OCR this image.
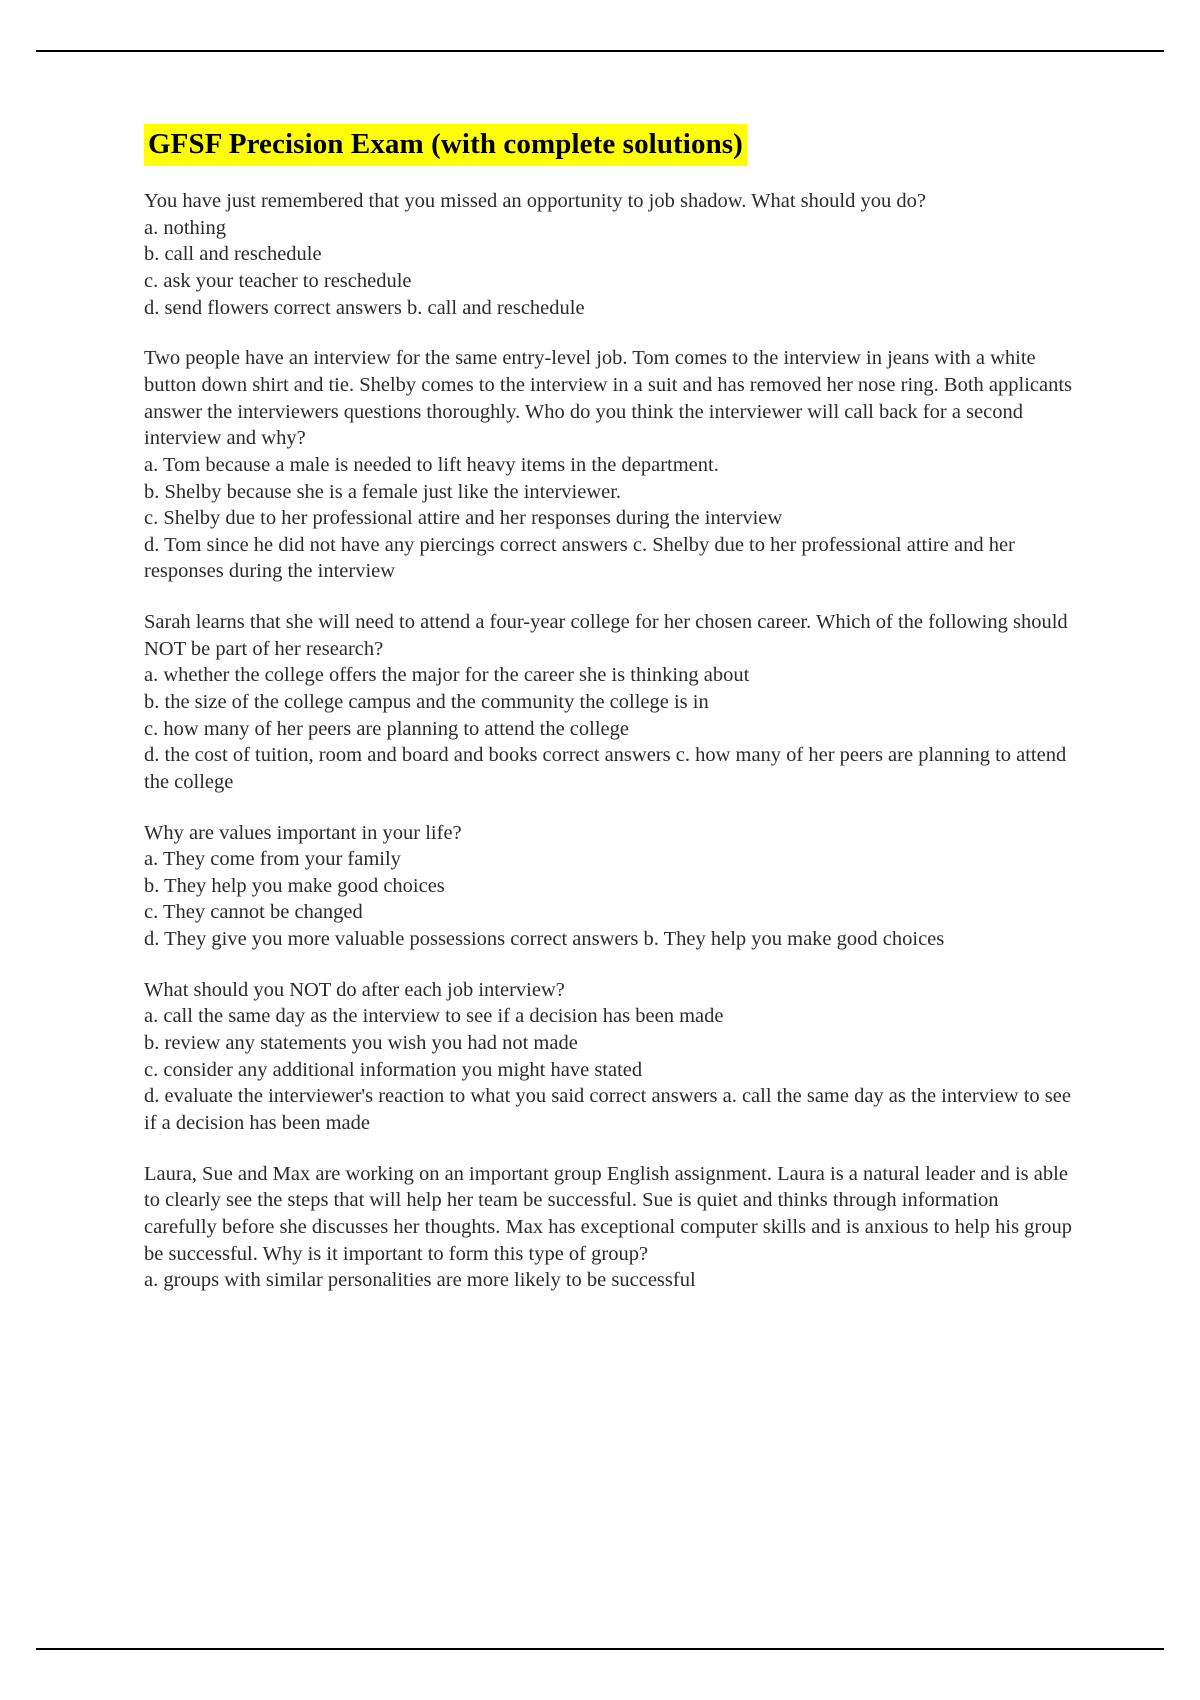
GFSF Precision Exam (with complete solutions)

You have just remembered that you missed an opportunity to job shadow. What should you do?

a. nothing

b. call and reschedule

c. ask your teacher to reschedule

d. send flowers correct answers b. call and reschedule

Two people have an interview for the same entry-level job. Tom comes to the interview in jeans with a white button down shirt and tie. Shelby comes to the interview in a suit and has removed her nose ring. Both applicants answer the interviewers questions thoroughly. Who do you think the interviewer will call back for a second interview and why?

a. Tom because a male is needed to lift heavy items in the department.

b. Shelby because she is a female just like the interviewer.

c. Shelby due to her professional attire and her responses during the interview

d. Tom since he did not have any piercings correct answers c. Shelby due to her professional attire and her responses during the interview

Sarah learns that she will need to attend a four-year college for her chosen career. Which of the following should NOT be part of her research?

a. whether the college offers the major for the career she is thinking about

b. the size of the college campus and the community the college is in

c. how many of her peers are planning to attend the college

d. the cost of tuition, room and board and books correct answers c. how many of her peers are planning to attend the college

Why are values important in your life?

a. They come from your family

b. They help you make good choices

c. They cannot be changed

d. They give you more valuable possessions correct answers b. They help you make good choices

What should you NOT do after each job interview?

a. call the same day as the interview to see if a decision has been made

b. review any statements you wish you had not made

c. consider any additional information you might have stated

d. evaluate the interviewer's reaction to what you said correct answers a. call the same day as the interview to see if a decision has been made

Laura, Sue and Max are working on an important group English assignment. Laura is a natural leader and is able to clearly see the steps that will help her team be successful. Sue is quiet and thinks through information carefully before she discusses her thoughts. Max has exceptional computer skills and is anxious to help his group be successful. Why is it important to form this type of group?

a. groups with similar personalities are more likely to be successful
